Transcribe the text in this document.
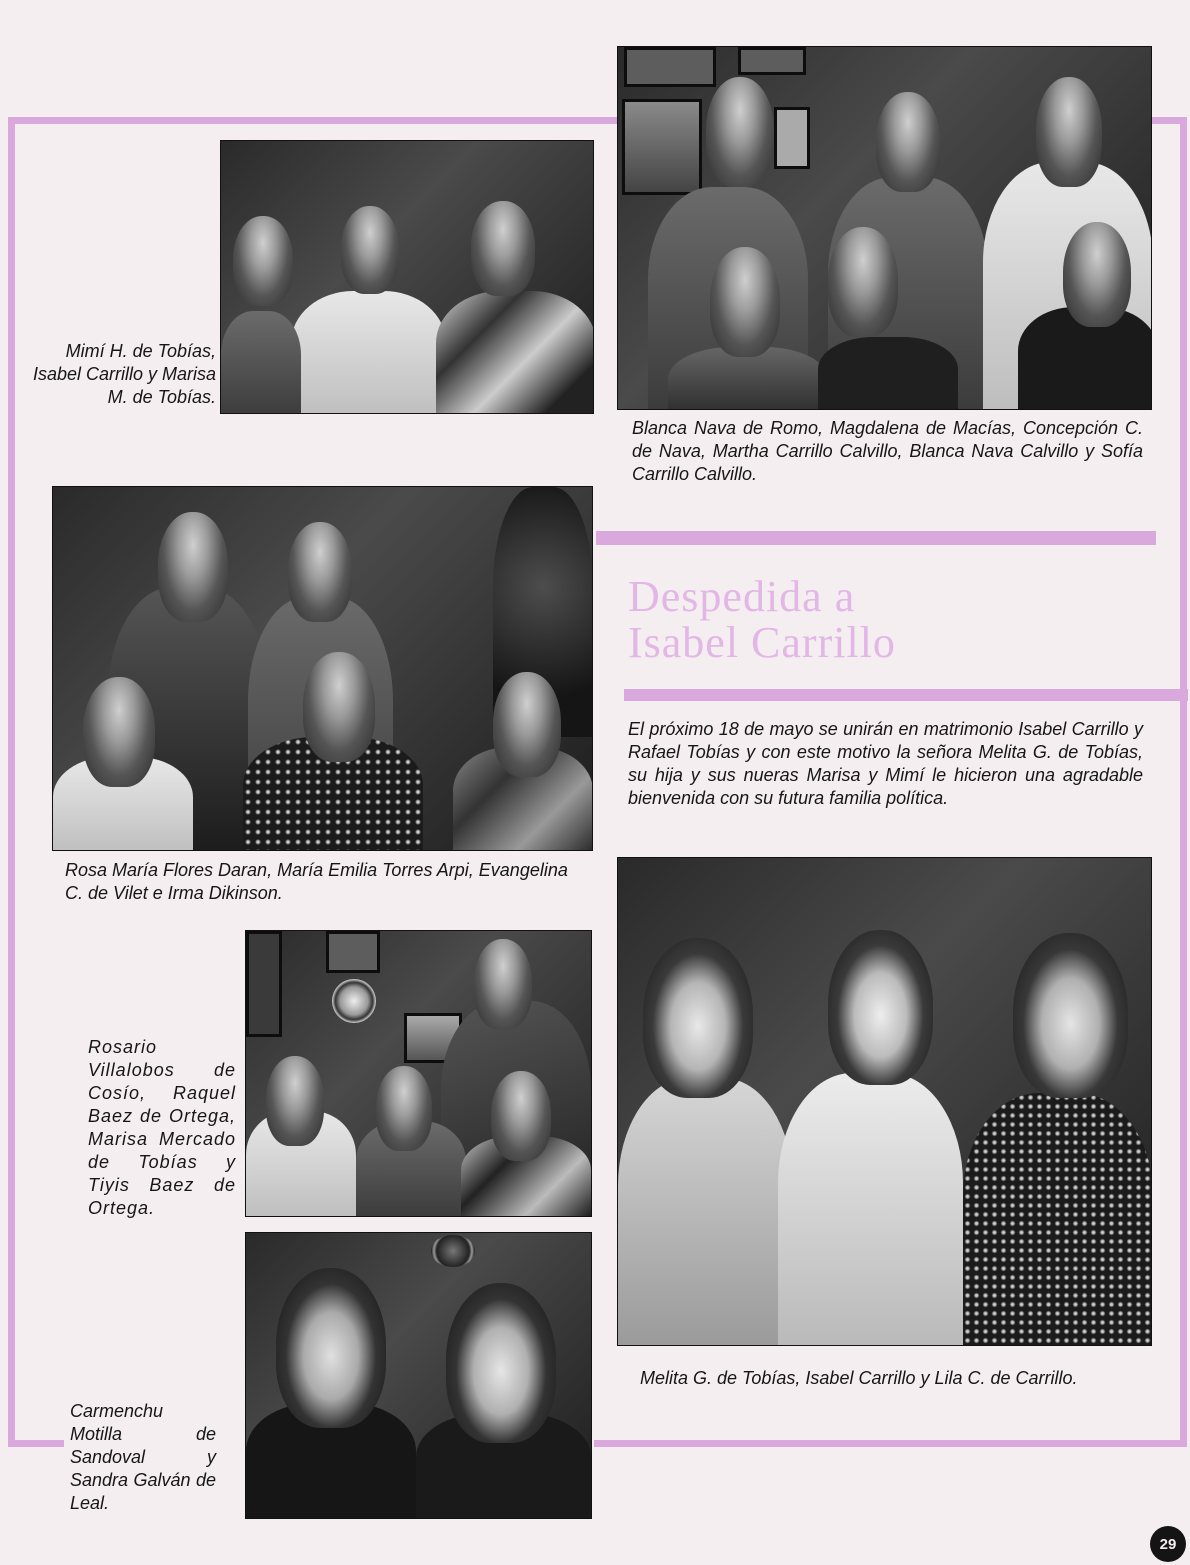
Mimí H. de Tobías, Isabel Carrillo y Marisa M. de Tobías.

Blanca Nava de Romo, Magdalena de Macías, Concepción C. de Nava, Martha Carrillo Calvillo, Blanca Nava Calvillo y Sofía Carrillo Calvillo.

Rosa María Flores Daran, María Emilia Torres Arpi, Evangelina C. de Vilet e Irma Dikinson.

Rosario Villalobos de Cosío, Raquel Baez de Ortega, Marisa Mercado de Tobías y Tiyis Baez de Ortega.

Carmenchu Motilla de Sandoval y Sandra Galván de Leal.

Despedida a
Isabel Carrillo

El próximo 18 de mayo se unirán en matrimonio Isabel Carrillo y Rafael Tobías y con este motivo la señora Melita G. de Tobías, su hija y sus nueras Marisa y Mimí le hicieron una agradable bienvenida con su futura familia política.

Melita G. de Tobías, Isabel Carrillo y Lila C. de Carrillo.

29
